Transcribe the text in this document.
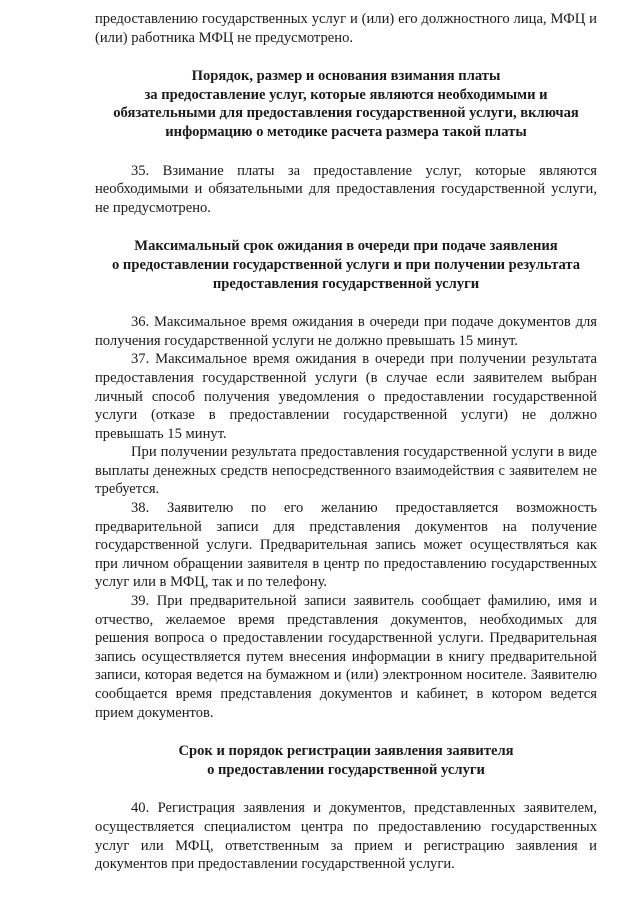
предоставлению государственных услуг и (или) его должностного лица, МФЦ и (или) работника МФЦ не предусмотрено.

Порядок, размер и основания взимания платы

за предоставление услуг, которые являются необходимыми и

обязательными для предоставления государственной услуги, включая

информацию о методике расчета размера такой платы

35. Взимание платы за предоставление услуг, которые являются необходимыми и обязательными для предоставления государственной услуги, не предусмотрено.

Максимальный срок ожидания в очереди при подаче заявления

о предоставлении государственной услуги и при получении результата

предоставления государственной услуги

36. Максимальное время ожидания в очереди при подаче документов для получения государственной услуги не должно превышать 15 минут.

37. Максимальное время ожидания в очереди при получении результата предоставления государственной услуги (в случае если заявителем выбран личный способ получения уведомления о предоставлении государственной услуги (отказе в предоставлении государственной услуги) не должно превышать 15 минут.

При получении результата предоставления государственной услуги в виде выплаты денежных средств непосредственного взаимодействия с заявителем не требуется.

38. Заявителю по его желанию предоставляется возможность предварительной записи для представления документов на получение государственной услуги. Предварительная запись может осуществляться как при личном обращении заявителя в центр по предоставлению государственных услуг или в МФЦ, так и по телефону.

39. При предварительной записи заявитель сообщает фамилию, имя и отчество, желаемое время представления документов, необходимых для решения вопроса о предоставлении государственной услуги. Предварительная запись осуществляется путем внесения информации в книгу предварительной записи, которая ведется на бумажном и (или) электронном носителе. Заявителю сообщается время представления документов и кабинет, в котором ведется прием документов.

Срок и порядок регистрации заявления заявителя

о предоставлении государственной услуги

40. Регистрация заявления и документов, представленных заявителем, осуществляется специалистом центра по предоставлению государственных услуг или МФЦ, ответственным за прием и регистрацию заявления и документов при предоставлении государственной услуги.
